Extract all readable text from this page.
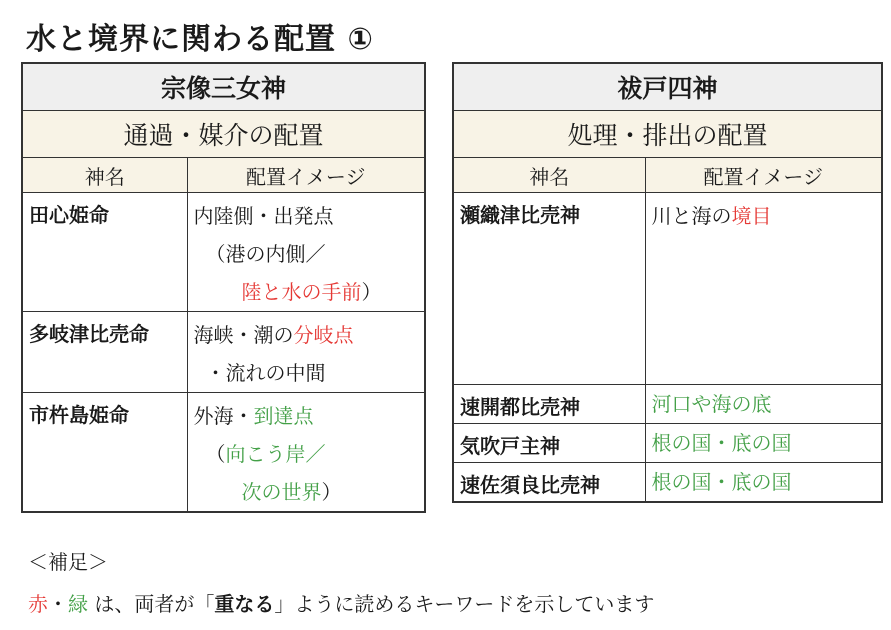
水と境界に関わる配置 ①
宗像三女神	
通過・媒介の配置	
神名	配置イメージ
田心姫命	内陸側・出発点
（港の内側／
陸と水の手前）

多岐津比売命	海峡・潮の分岐点
・流れの中間

市杵島姫命	外海・到達点
（向こう岸／
次の世界）
祓戸四神	
処理・排出の配置	
神名	配置イメージ
瀬織津比売神	川と海の境目

速開都比売神	河口や海の底

気吹戸主神	根の国・底の国

速佐須良比売神	根の国・底の国
＜補足＞
赤・緑 は、両者が「重なる」ように読めるキーワードを示しています
